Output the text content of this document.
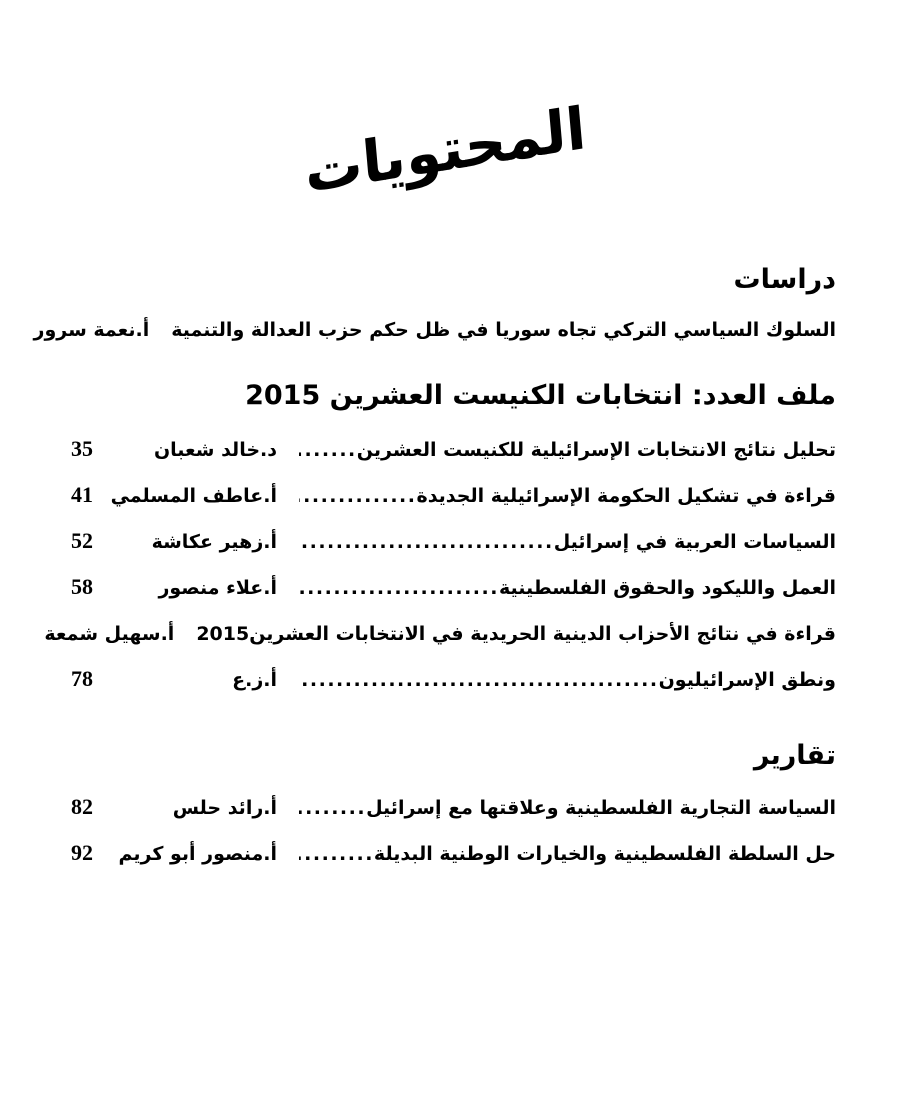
المحتويات
دراسات
السلوك السياسي التركي تجاه سوريا في ظل حكم حزب العدالة والتنمية
أ.نعمة سرور
ملف العدد: انتخابات الكنيست العشرين 2015
تحليل نتائج الانتخابات الإسرائيلية للكنيست العشرين
.....
د.خالد شعبان
35
قراءة في تشكيل الحكومة الإسرائيلية الجديدة
.....
أ.عاطف المسلمي
41
السياسات العربية في إسرائيل
.....
أ.زهير عكاشة
52
العمل والليكود والحقوق الفلسطينية
.....
أ.علاء منصور
58
قراءة في نتائج الأحزاب الدينية الحريدية في الانتخابات العشرين2015
أ.سهيل شمعة
ونطق الإسرائيليون
.....
أ.ز.ع
78
تقارير
السياسة التجارية الفلسطينية وعلاقتها مع إسرائيل
.....
أ.رائد حلس
82
حل السلطة الفلسطينية والخيارات الوطنية البديلة
.....
أ.منصور أبو كريم
92
